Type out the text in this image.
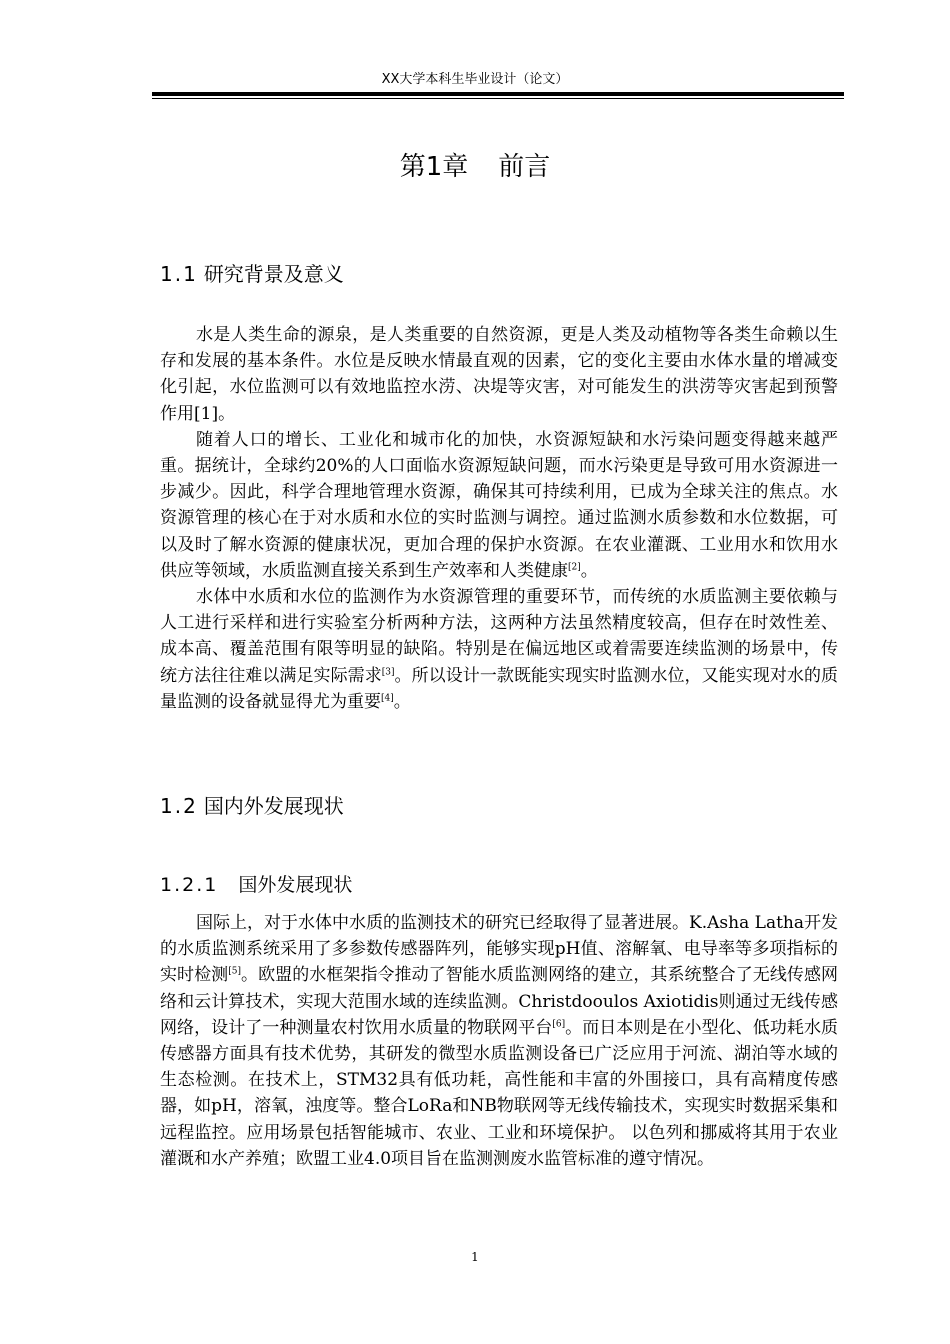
XX大学本科生毕业设计（论文）
第1章 前言
1.1 研究背景及意义

水是人类生命的源泉，是人类重要的自然资源，更是人类及动植物等各类生命赖以生存和发展的基本条件。水位是反映水情最直观的因素，它的变化主要由水体水量的增减变化引起，水位监测可以有效地监控水涝、决堤等灾害，对可能发生的洪涝等灾害起到预警作用[1]。

随着人口的增长、工业化和城市化的加快，水资源短缺和水污染问题变得越来越严重。据统计，全球约20%的人口面临水资源短缺问题，而水污染更是导致可用水资源进一步减少。因此，科学合理地管理水资源，确保其可持续利用，已成为全球关注的焦点。水资源管理的核心在于对水质和水位的实时监测与调控。通过监测水质参数和水位数据，可以及时了解水资源的健康状况，更加合理的保护水资源。在农业灌溉、工业用水和饮用水供应等领域，水质监测直接关系到生产效率和人类健康[2]。

水体中水质和水位的监测作为水资源管理的重要环节，而传统的水质监测主要依赖与人工进行采样和进行实验室分析两种方法，这两种方法虽然精度较高，但存在时效性差、成本高、覆盖范围有限等明显的缺陷。特别是在偏远地区或着需要连续监测的场景中，传统方法往往难以满足实际需求[3]。所以设计一款既能实现实时监测水位，又能实现对水的质量监测的设备就显得尤为重要[4]。

1.2 国内外发展现状
1.2.1 国外发展现状

国际上，对于水体中水质的监测技术的研究已经取得了显著进展。K.Asha Latha开发的水质监测系统采用了多参数传感器阵列，能够实现pH值、溶解氧、电导率等多项指标的实时检测[5]。欧盟的水框架指令推动了智能水质监测网络的建立，其系统整合了无线传感网络和云计算技术，实现大范围水域的连续监测。Christdooulos Axiotidis则通过无线传感网络，设计了一种测量农村饮用水质量的物联网平台[6]。而日本则是在小型化、低功耗水质传感器方面具有技术优势，其研发的微型水质监测设备已广泛应用于河流、湖泊等水域的生态检测。在技术上，STM32具有低功耗，高性能和丰富的外围接口，具有高精度传感器，如pH，溶氧，浊度等。整合LoRa和NB物联网等无线传输技术，实现实时数据采集和远程监控。应用场景包括智能城市、农业、工业和环境保护。 以色列和挪威将其用于农业灌溉和水产养殖；欧盟工业4.0项目旨在监测测废水监管标准的遵守情况。

1
